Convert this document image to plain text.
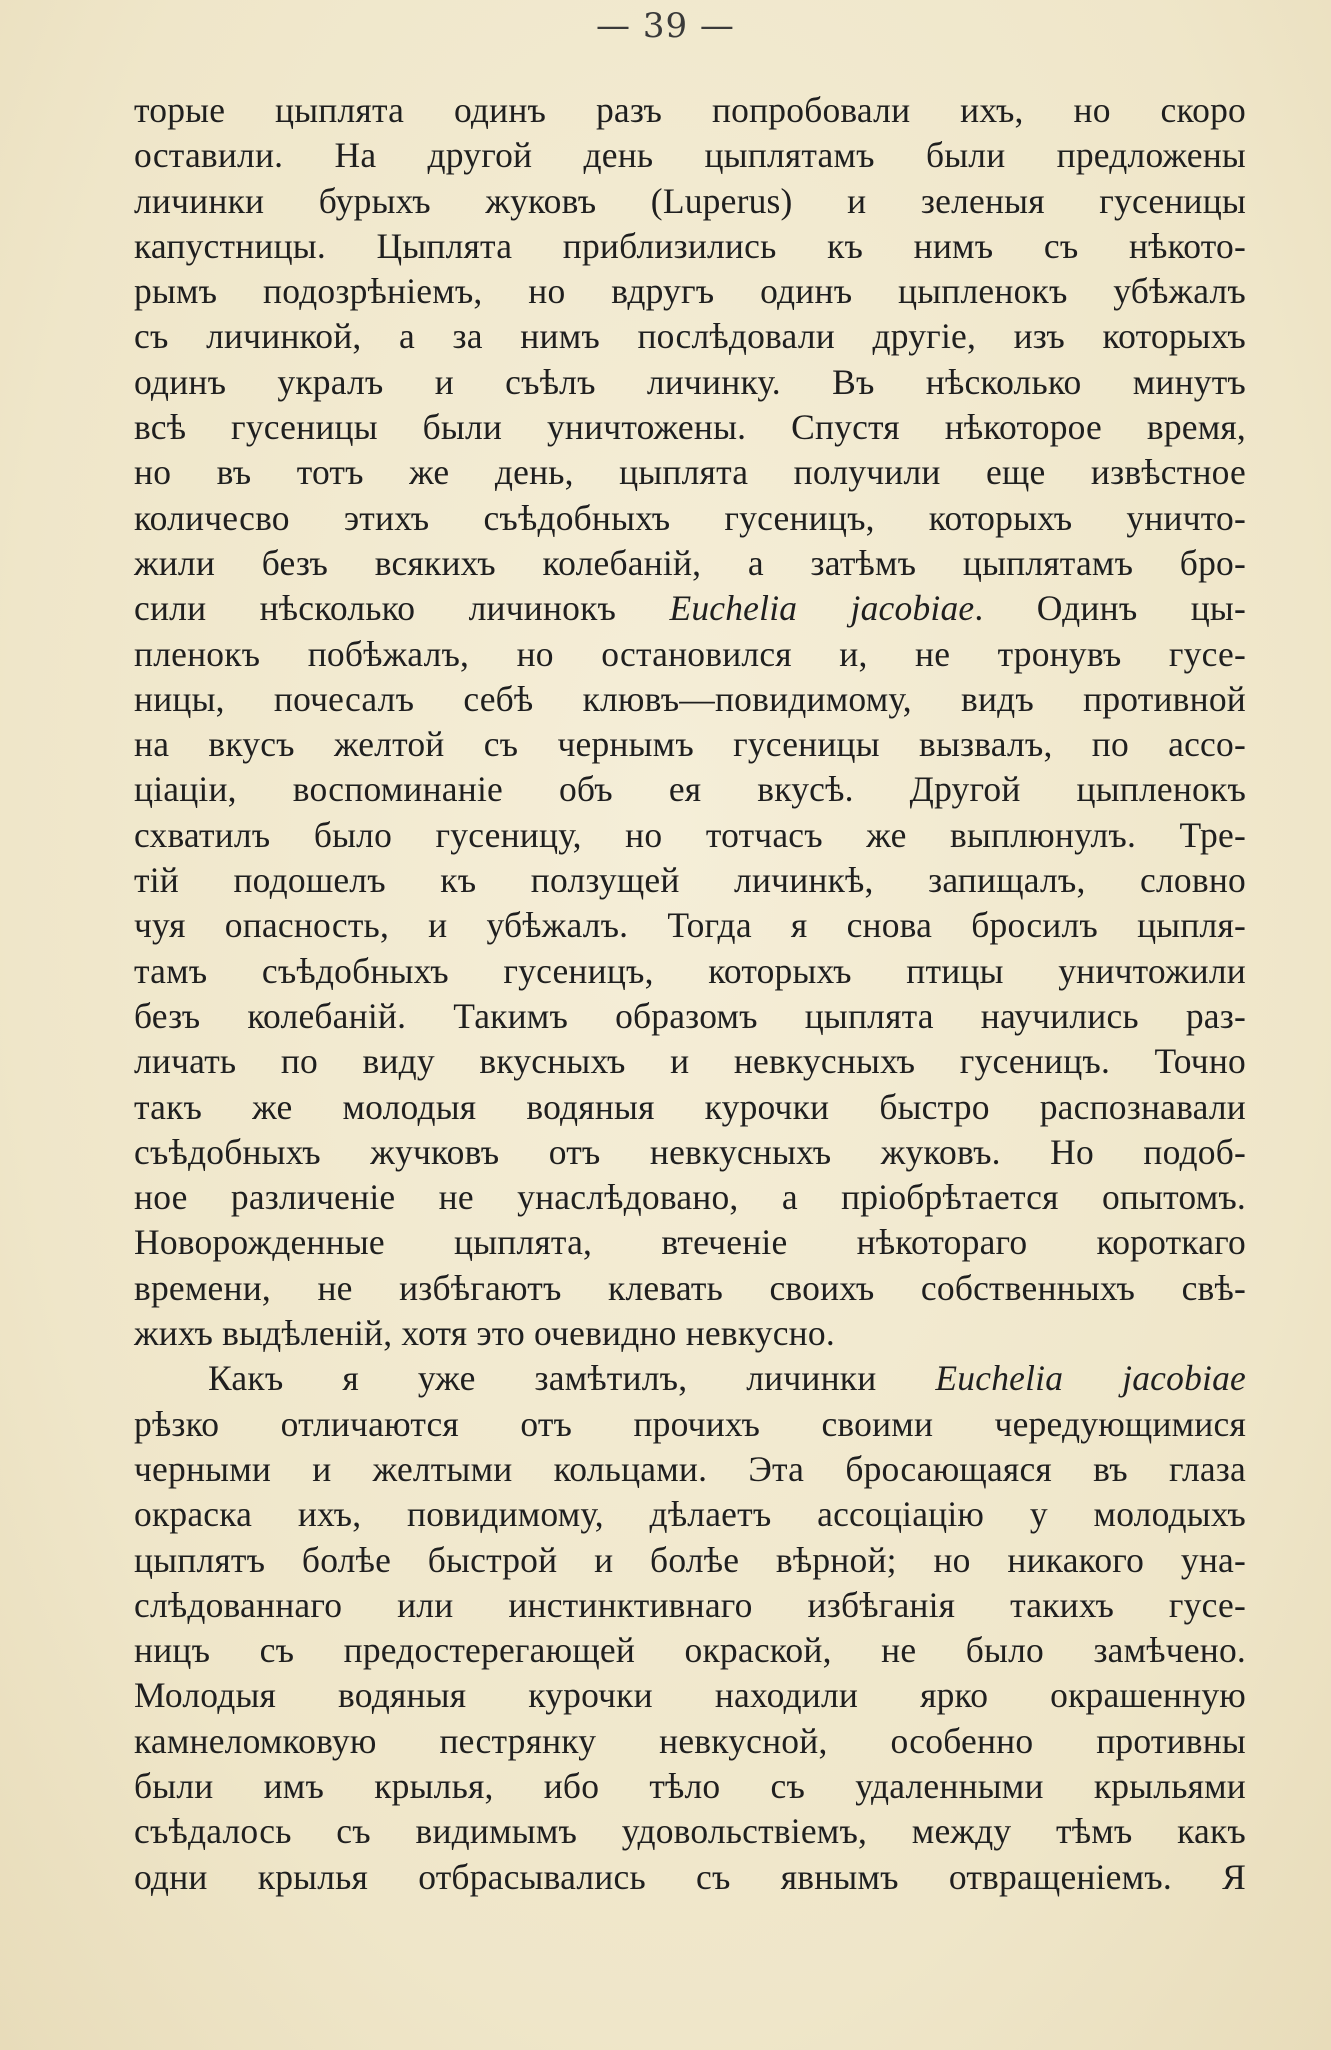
— 39 —
торые цыплята одинъ разъ попробовали ихъ, но скоро
оставили. На другой день цыплятамъ были предложены
личинки бурыхъ жуковъ (Luperus) и зеленыя гусеницы
капустницы. Цыплята приблизились къ нимъ съ нѣкото-
рымъ подозрѣніемъ, но вдругъ одинъ цыпленокъ убѣжалъ
съ личинкой, а за нимъ послѣдовали другіе, изъ которыхъ
одинъ укралъ и съѣлъ личинку. Въ нѣсколько минутъ
всѣ гусеницы были уничтожены. Спустя нѣкоторое время,
но въ тотъ же день, цыплята получили еще извѣстное
количесво этихъ съѣдобныхъ гусеницъ, которыхъ уничто-
жили безъ всякихъ колебаній, а затѣмъ цыплятамъ бро-
сили нѣсколько личинокъ Euchelia jacobiae. Одинъ цы-
пленокъ побѣжалъ, но остановился и, не тронувъ гусе-
ницы, почесалъ себѣ клювъ—повидимому, видъ противной
на вкусъ желтой съ чернымъ гусеницы вызвалъ, по ассо-
ціаціи, воспоминаніе объ ея вкусѣ. Другой цыпленокъ
схватилъ было гусеницу, но тотчасъ же выплюнулъ. Тре-
тій подошелъ къ ползущей личинкѣ, запищалъ, словно
чуя опасность, и убѣжалъ. Тогда я снова бросилъ цыпля-
тамъ съѣдобныхъ гусеницъ, которыхъ птицы уничтожили
безъ колебаній. Такимъ образомъ цыплята научились раз-
личать по виду вкусныхъ и невкусныхъ гусеницъ. Точно
такъ же молодыя водяныя курочки быстро распознавали
съѣдобныхъ жучковъ отъ невкусныхъ жуковъ. Но подоб-
ное различеніе не унаслѣдовано, а пріобрѣтается опытомъ.
Новорожденные цыплята, втеченіе нѣкотораго короткаго
времени, не избѣгаютъ клевать своихъ собственныхъ свѣ-
жихъ выдѣленій, хотя это очевидно невкусно.
Какъ я уже замѣтилъ, личинки Euchelia jacobiae
рѣзко отличаются отъ прочихъ своими чередующимися
черными и желтыми кольцами. Эта бросающаяся въ глаза
окраска ихъ, повидимому, дѣлаетъ ассоціацію у молодыхъ
цыплятъ болѣе быстрой и болѣе вѣрной; но никакого уна-
слѣдованнаго или инстинктивнаго избѣганія такихъ гусе-
ницъ съ предостерегающей окраской, не было замѣчено.
Молодыя водяныя курочки находили ярко окрашенную
камнеломковую пестрянку невкусной, особенно противны
были имъ крылья, ибо тѣло съ удаленными крыльями
съѣдалось съ видимымъ удовольствіемъ, между тѣмъ какъ
одни крылья отбрасывались съ явнымъ отвращеніемъ. Я
